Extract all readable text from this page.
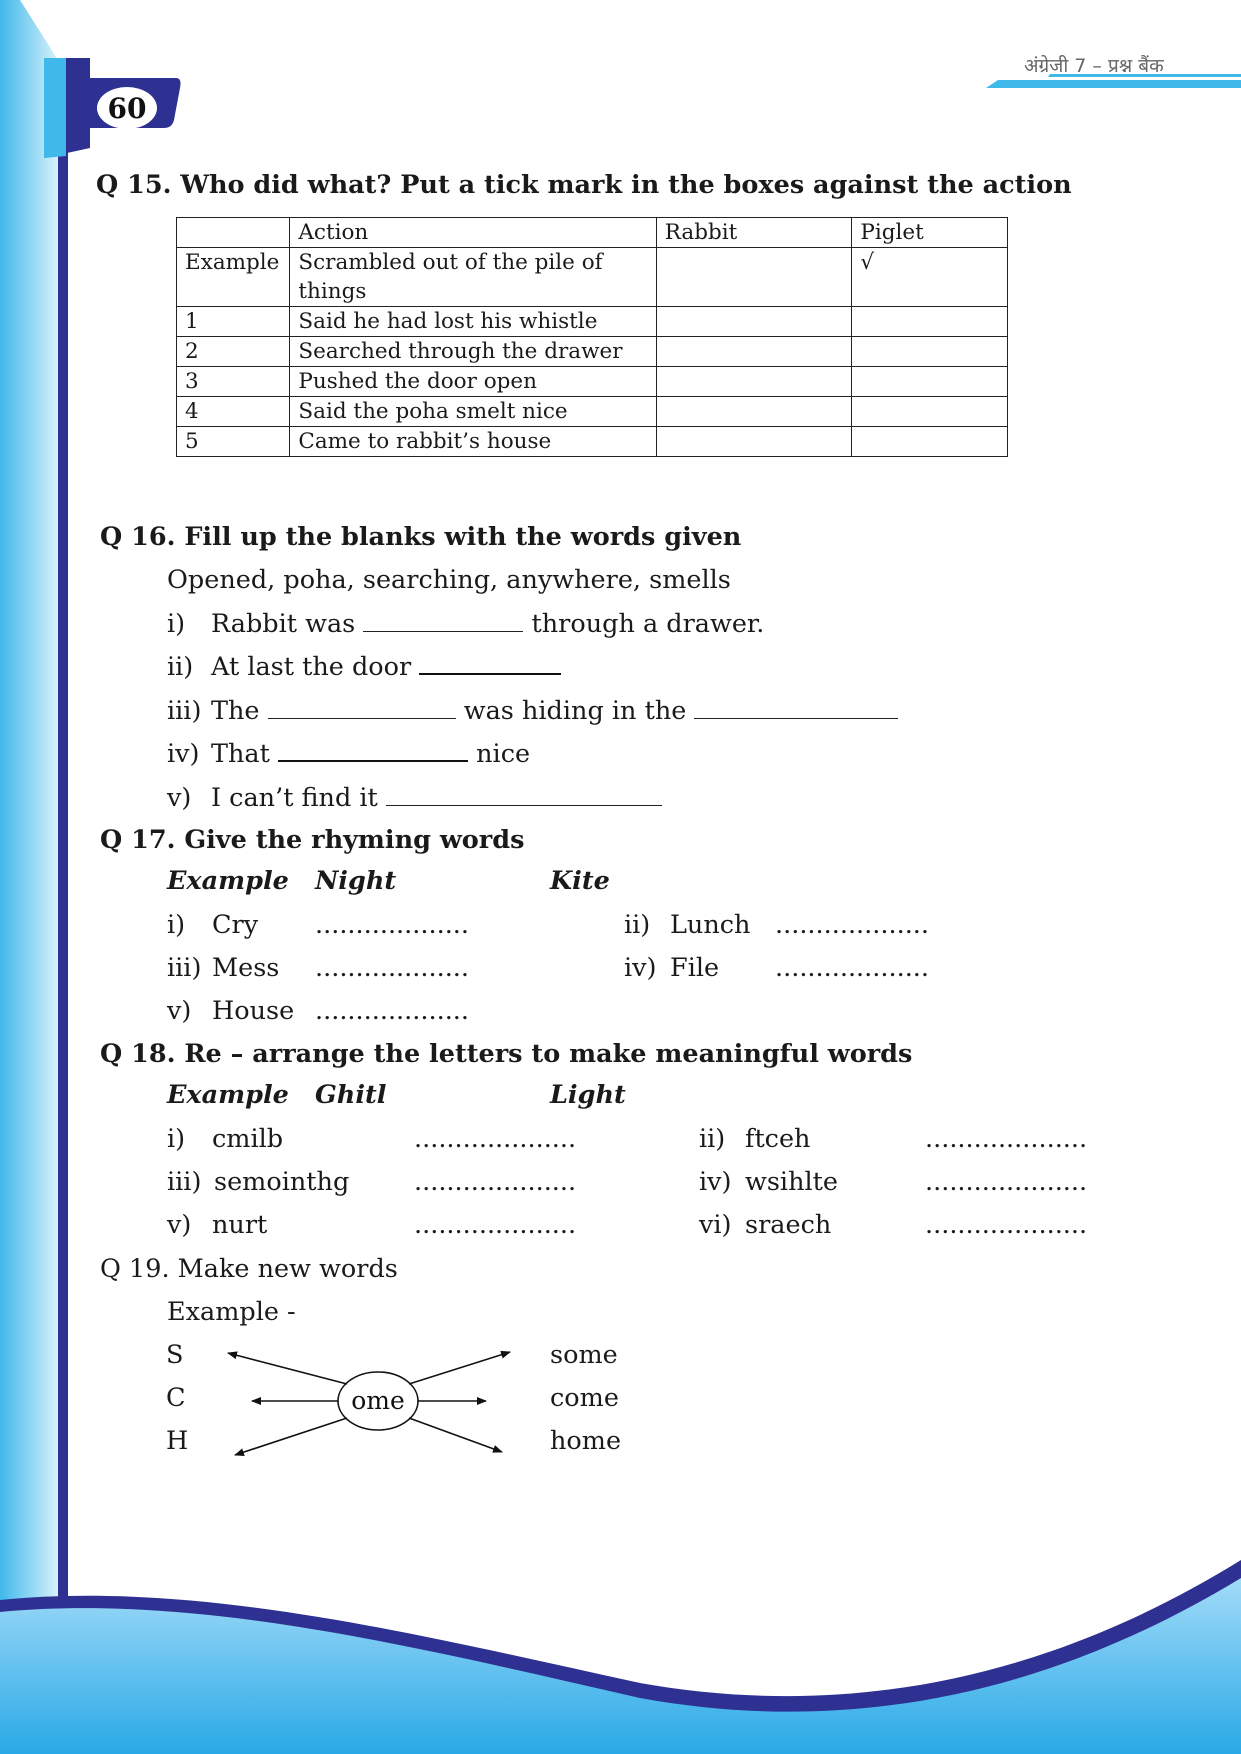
अंग्रेजी 7 – प्रश्न बैंक
60
Q 15. Who did what? Put a tick mark in the boxes against the action
	Action	Rabbit	Piglet
Example	Scrambled out of the pile of things		√
1	Said he had lost his whistle		
2	Searched through the drawer		
3	Pushed the door open		
4	Said the poha smelt nice		
5	Came to rabbit’s house		
Q 16. Fill up the blanks with the words given
Opened, poha, searching, anywhere, smells
i) Rabbit was	through a drawer.
ii) At last the door
iii) The	was hiding in the
iv) That	nice
v) I can’t find it
Q 17. Give the rhyming words
Example Night	Kite
i) Cry ...................	ii) Lunch ...................
iii) Mess ...................	iv) File ...................
v) House ...................
Q 18. Re – arrange the letters to make meaningful words
Example Ghitl	Light
i) cmilb	....................	ii) ftceh	....................
iii) semointhg	....................	iv) wsihlte	....................
v) nurt	....................	vi) sraech	....................
Q 19. Make new words
Example -
S
C
H
some
come
home
ome
